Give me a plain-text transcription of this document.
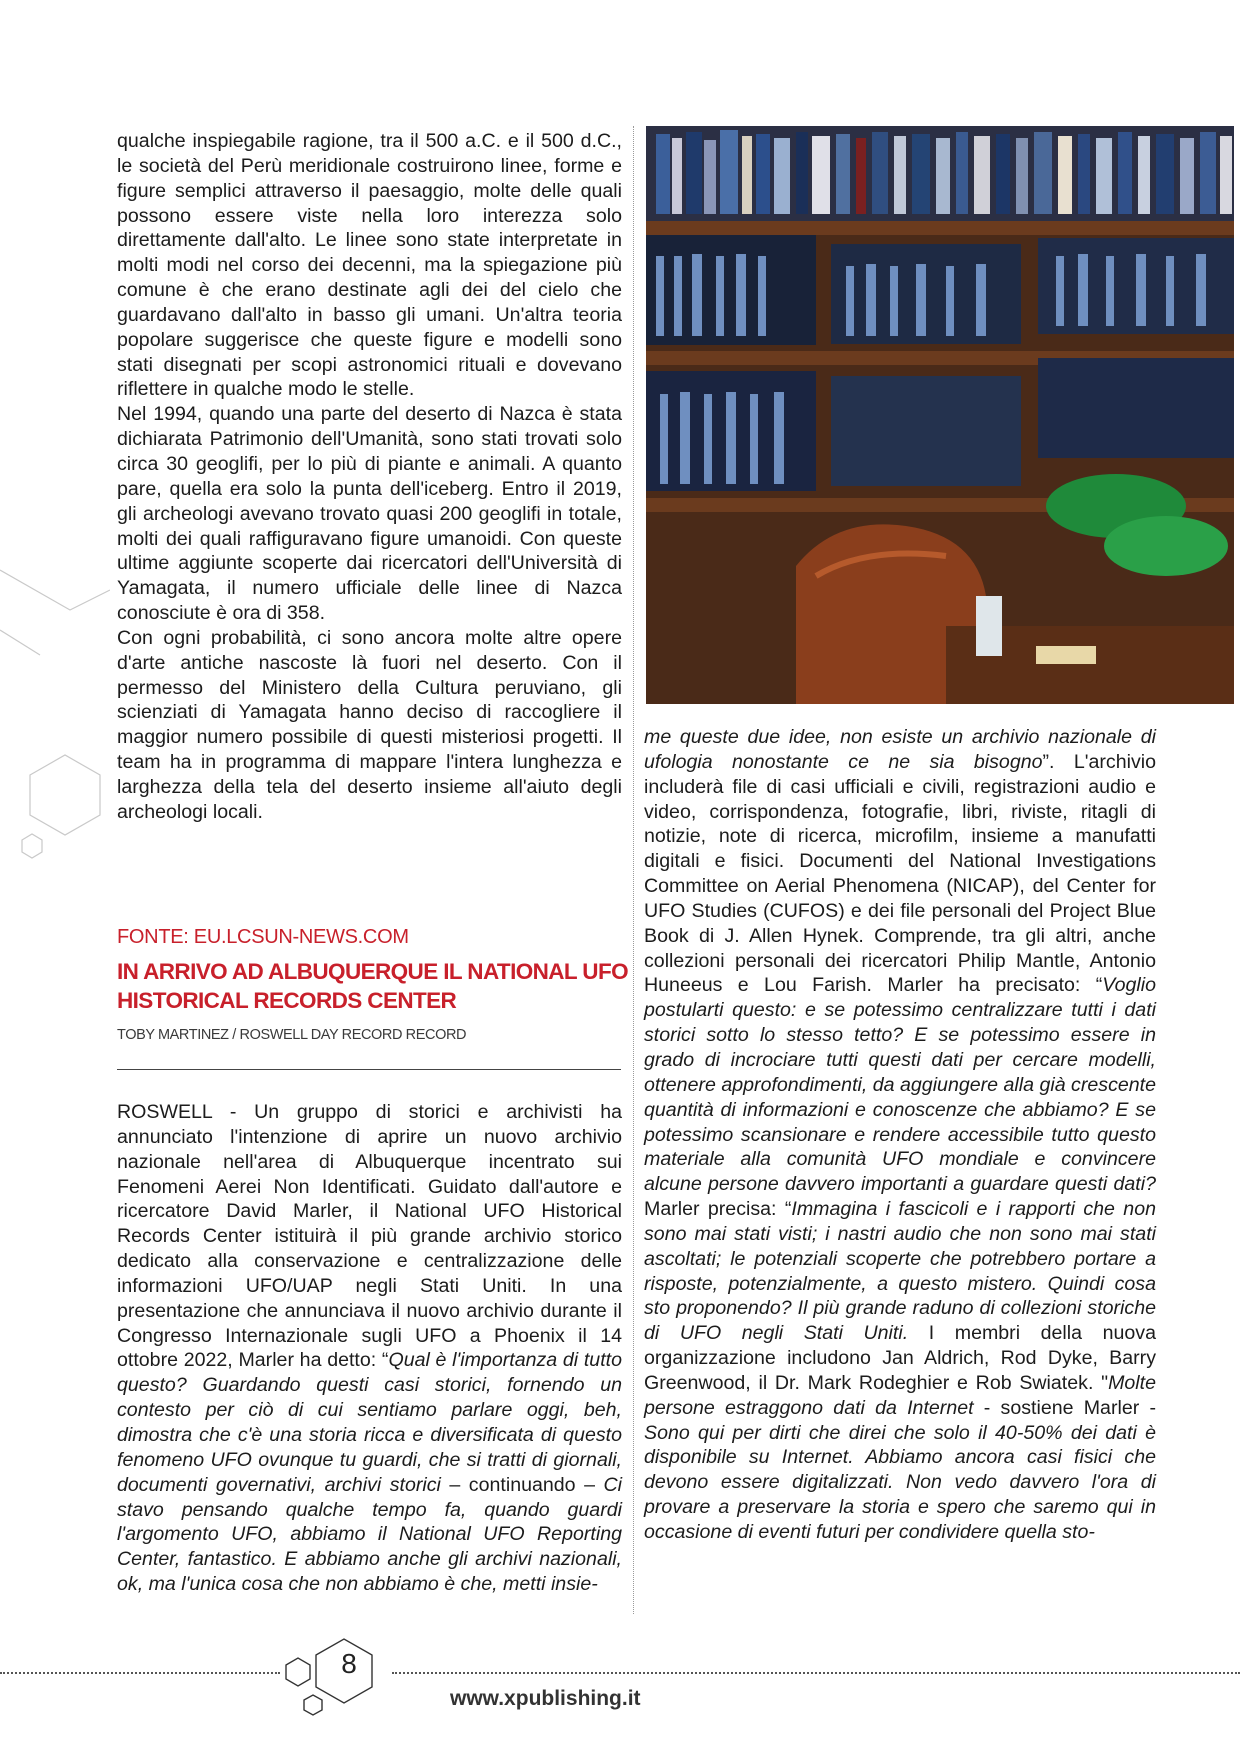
qualche inspiegabile ragione, tra il 500 a.C. e il 500 d.C., le società del Perù meridionale costruirono linee, forme e figure semplici attraverso il paesaggio, molte delle quali possono essere viste nella loro interezza solo direttamente dall'alto. Le linee sono state interpretate in molti modi nel corso dei decenni, ma la spiegazione più comune è che erano destinate agli dei del cielo che guardavano dall'alto in basso gli umani. Un'altra teoria popolare suggerisce che queste figure e modelli sono stati disegnati per scopi astronomici rituali e dovevano riflettere in qualche modo le stelle.

Nel 1994, quando una parte del deserto di Nazca è stata dichiarata Patrimonio dell'Umanità, sono stati trovati solo circa 30 geoglifi, per lo più di piante e animali. A quanto pare, quella era solo la punta dell'iceberg. Entro il 2019, gli archeologi avevano trovato quasi 200 geoglifi in totale, molti dei quali raffiguravano figure umanoidi. Con queste ultime aggiunte scoperte dai ricercatori dell'Università di Yamagata, il numero ufficiale delle linee di Nazca conosciute è ora di 358.

Con ogni probabilità, ci sono ancora molte altre opere d'arte antiche nascoste là fuori nel deserto. Con il permesso del Ministero della Cultura peruviano, gli scienziati di Yamagata hanno deciso di raccogliere il maggior numero possibile di questi misteriosi progetti. Il team ha in programma di mappare l'intera lunghezza e larghezza della tela del deserto insieme all'aiuto degli archeologi locali.

me queste due idee, non esiste un archivio nazionale di ufologia nonostante ce ne sia bisogno”. L'archivio includerà file di casi ufficiali e civili, registrazioni audio e video, corrispondenza, fotografie, libri, riviste, ritagli di notizie, note di ricerca, microfilm, insieme a manufatti digitali e fisici. Documenti del National Investigations Committee on Aerial Phenomena (NICAP), del Center for UFO Studies (CUFOS) e dei file personali del Project Blue Book di J. Allen Hynek. Comprende, tra gli altri, anche collezioni personali dei ricercatori Philip Mantle, Antonio Huneeus e Lou Farish. Marler ha precisato: “Voglio postularti questo: e se potessimo centralizzare tutti i dati storici sotto lo stesso tetto? E se potessimo essere in grado di incrociare tutti questi dati per cercare modelli, ottenere approfondimenti, da aggiungere alla già crescente quantità di informazioni e conoscenze che abbiamo? E se potessimo scansionare e rendere accessibile tutto questo materiale alla comunità UFO mondiale e convincere alcune persone davvero importanti a guardare questi dati? Marler precisa: “Immagina i fascicoli e i rapporti che non sono mai stati visti; i nastri audio che non sono mai stati ascoltati; le potenziali scoperte che potrebbero portare a risposte, potenzialmente, a questo mistero. Quindi cosa sto proponendo? Il più grande raduno di collezioni storiche di UFO negli Stati Uniti. I membri della nuova organizzazione includono Jan Aldrich, Rod Dyke, Barry Greenwood, il Dr. Mark Rodeghier e Rob Swiatek. "Molte persone estraggono dati da Internet - sostiene Marler - Sono qui per dirti che direi che solo il 40-50% dei dati è disponibile su Internet. Abbiamo ancora casi fisici che devono essere digitalizzati. Non vedo davvero l'ora di provare a preservare la storia e spero che saremo qui in occasione di eventi futuri per condividere quella sto-
FONTE: EU.LCSUN-NEWS.COM
IN ARRIVO AD ALBUQUERQUE IL NATIONAL UFO HISTORICAL RECORDS CENTER
TOBY MARTINEZ / ROSWELL DAY RECORD RECORD
ROSWELL - Un gruppo di storici e archivisti ha annunciato l'intenzione di aprire un nuovo archivio nazionale nell'area di Albuquerque incentrato sui Fenomeni Aerei Non Identificati. Guidato dall'autore e ricercatore David Marler, il National UFO Historical Records Center istituirà il più grande archivio storico dedicato alla conservazione e centralizzazione delle informazioni UFO/UAP negli Stati Uniti. In una presentazione che annunciava il nuovo archivio durante il Congresso Internazionale sugli UFO a Phoenix il 14 ottobre 2022, Marler ha detto: “Qual è l'importanza di tutto questo? Guardando questi casi storici, fornendo un contesto per ciò di cui sentiamo parlare oggi, beh, dimostra che c'è una storia ricca e diversificata di questo fenomeno UFO ovunque tu guardi, che si tratti di giornali, documenti governativi, archivi storici – continuando – Ci stavo pensando qualche tempo fa, quando guardi l'argomento UFO, abbiamo il National UFO Reporting Center, fantastico. E abbiamo anche gli archivi nazionali, ok, ma l'unica cosa che non abbiamo è che, metti insie-
8
www.xpublishing.it
